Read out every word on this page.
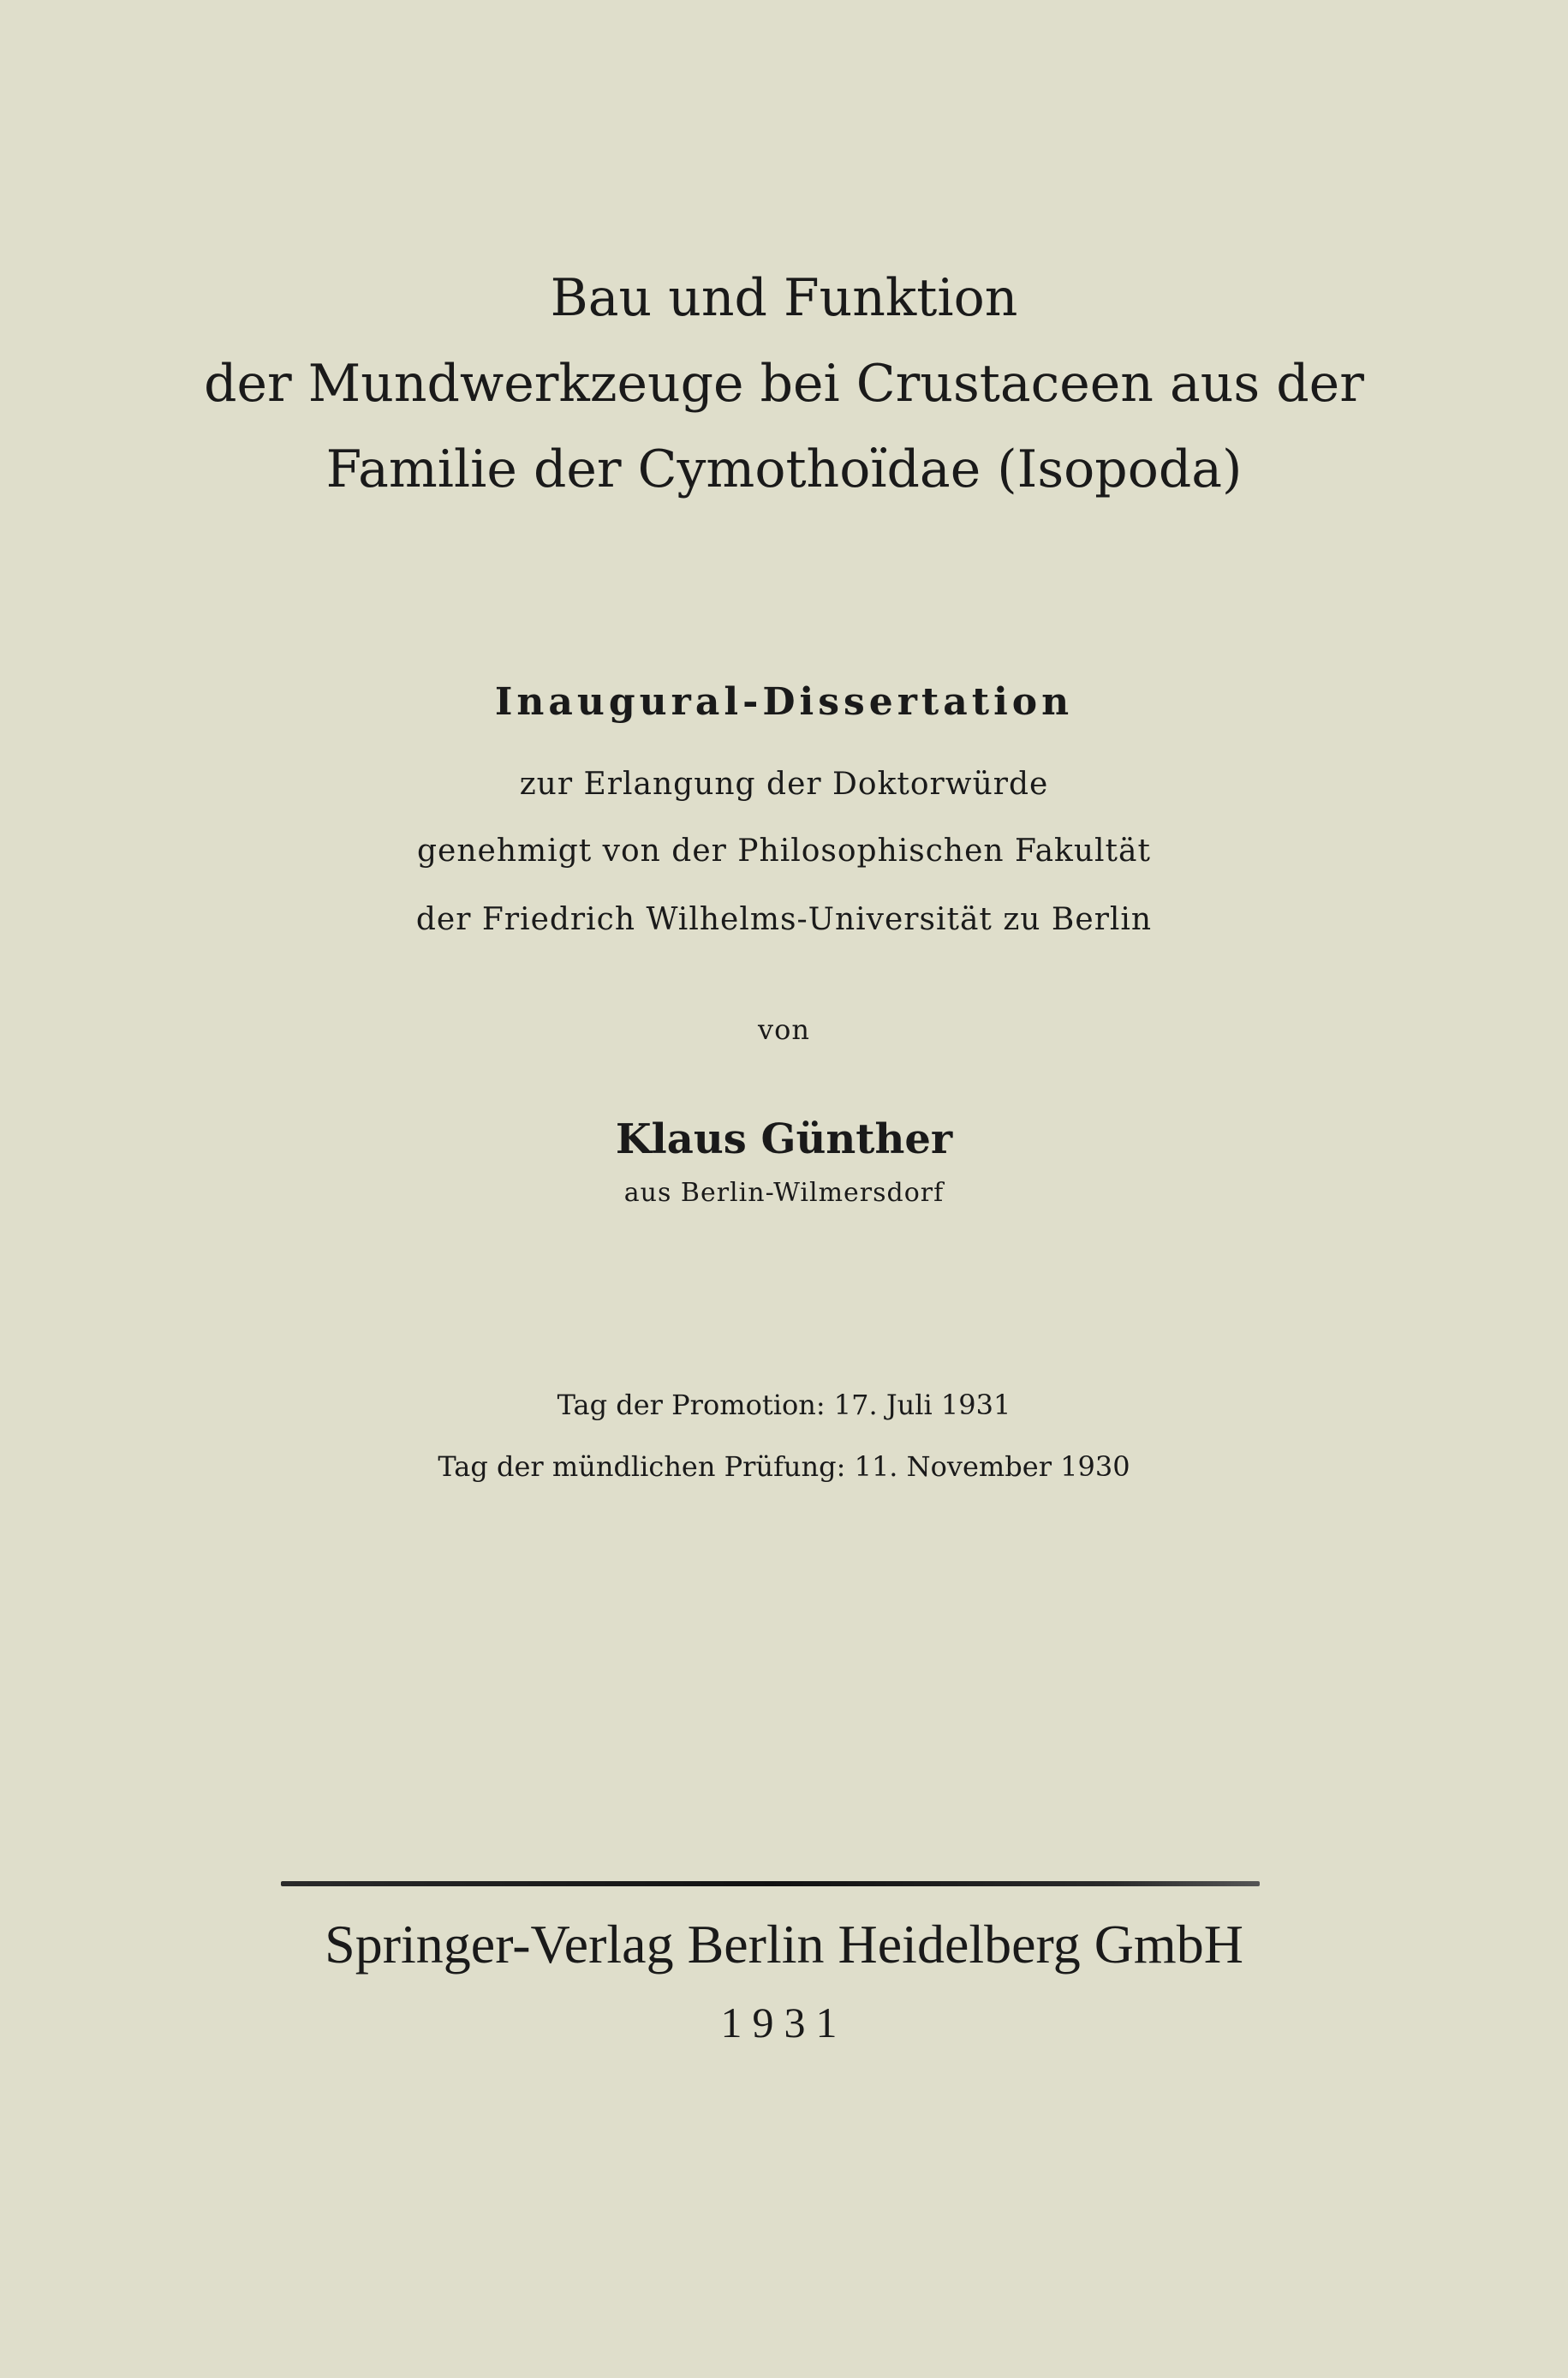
Bau und Funktion
der Mundwerkzeuge bei Crustaceen aus der
Familie der Cymothoïdae (Isopoda)
Inaugural-Dissertation
zur Erlangung der Doktorwürde
genehmigt von der Philosophischen Fakultät
der Friedrich Wilhelms-Universität zu Berlin
von
Klaus Günther
aus Berlin-Wilmersdorf
Tag der Promotion: 17. Juli 1931
Tag der mündlichen Prüfung: 11. November 1930
Springer-Verlag Berlin Heidelberg GmbH
1931
